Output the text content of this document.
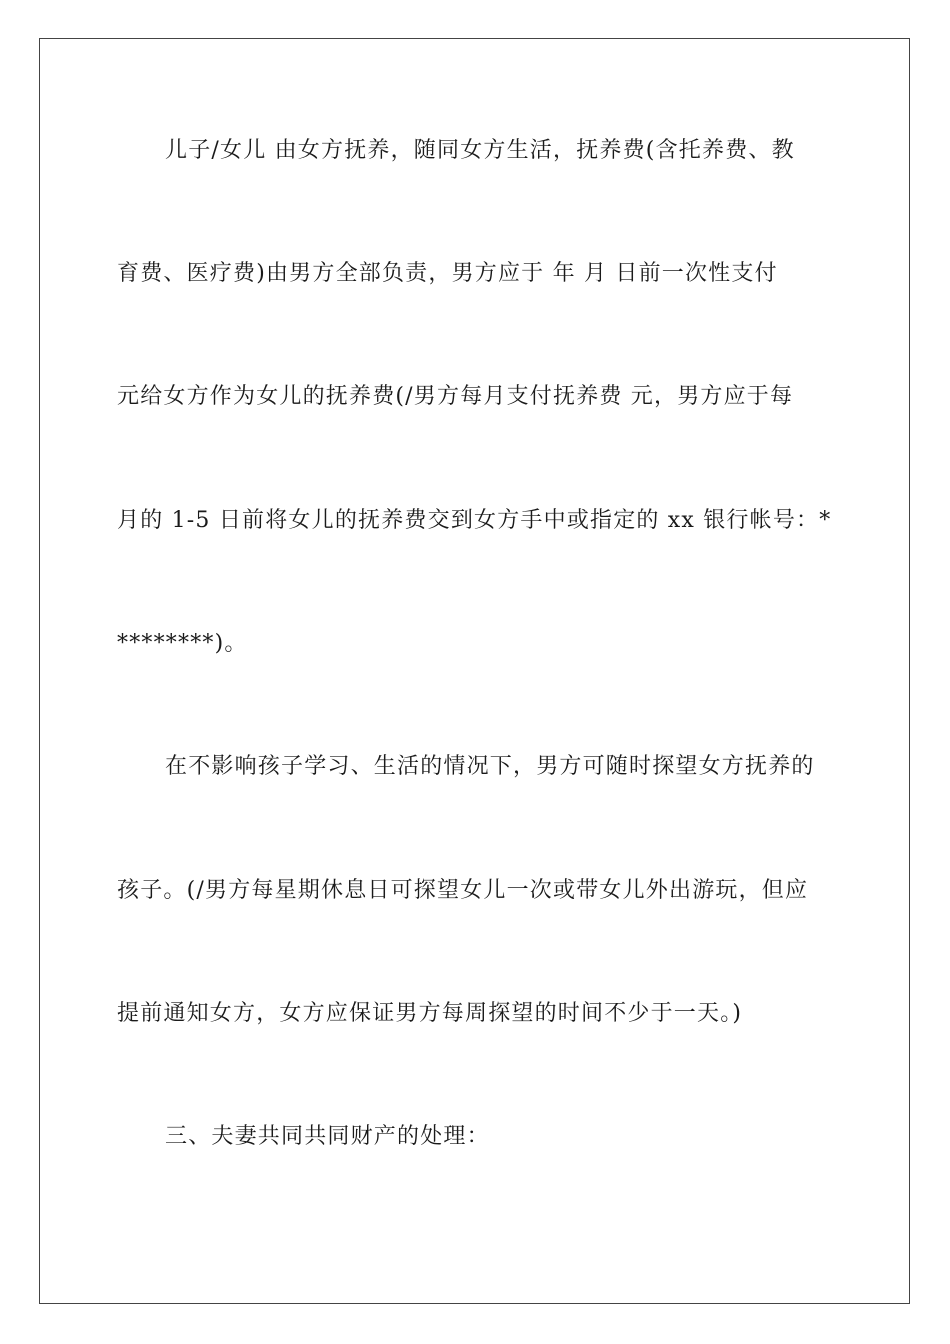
儿子/女儿 由女方抚养，随同女方生活，抚养费(含托养费、教
育费、医疗费)由男方全部负责，男方应于 年 月 日前一次性支付
元给女方作为女儿的抚养费(/男方每月支付抚养费 元，男方应于每
月的 1-5 日前将女儿的抚养费交到女方手中或指定的 xx 银行帐号：*
********)。
在不影响孩子学习、生活的情况下，男方可随时探望女方抚养的
孩子。(/男方每星期休息日可探望女儿一次或带女儿外出游玩，但应
提前通知女方，女方应保证男方每周探望的时间不少于一天。)
三、夫妻共同共同财产的处理：
